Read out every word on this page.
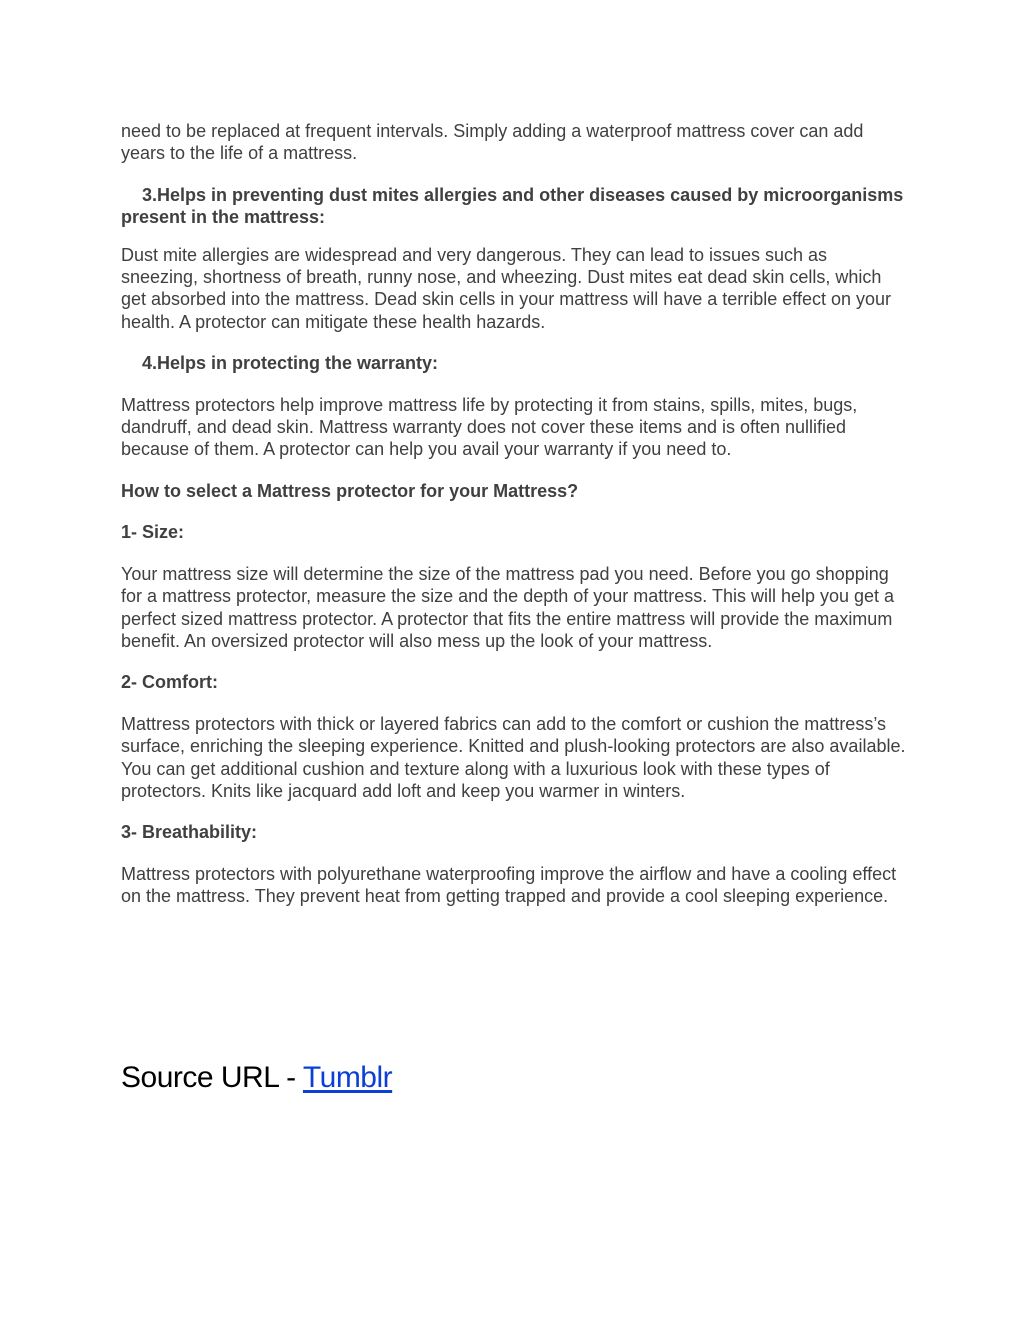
need to be replaced at frequent intervals. Simply adding a waterproof mattress cover can add years to the life of a mattress.

3.Helps in preventing dust mites allergies and other diseases caused by microorganisms present in the mattress:

Dust mite allergies are widespread and very dangerous. They can lead to issues such as sneezing, shortness of breath, runny nose, and wheezing. Dust mites eat dead skin cells, which get absorbed into the mattress. Dead skin cells in your mattress will have a terrible effect on your health. A protector can mitigate these health hazards.

4.Helps in protecting the warranty:

Mattress protectors help improve mattress life by protecting it from stains, spills, mites, bugs, dandruff, and dead skin. Mattress warranty does not cover these items and is often nullified because of them. A protector can help you avail your warranty if you need to.

How to select a Mattress protector for your Mattress?

1- Size:

Your mattress size will determine the size of the mattress pad you need. Before you go shopping for a mattress protector, measure the size and the depth of your mattress. This will help you get a perfect sized mattress protector. A protector that fits the entire mattress will provide the maximum benefit. An oversized protector will also mess up the look of your mattress.

2- Comfort:

Mattress protectors with thick or layered fabrics can add to the comfort or cushion the mattress’s surface, enriching the sleeping experience. Knitted and plush-looking protectors are also available. You can get additional cushion and texture along with a luxurious look with these types of protectors. Knits like jacquard add loft and keep you warmer in winters.

3- Breathability:

Mattress protectors with polyurethane waterproofing improve the airflow and have a cooling effect on the mattress. They prevent heat from getting trapped and provide a cool sleeping experience.

Source URL - Tumblr
